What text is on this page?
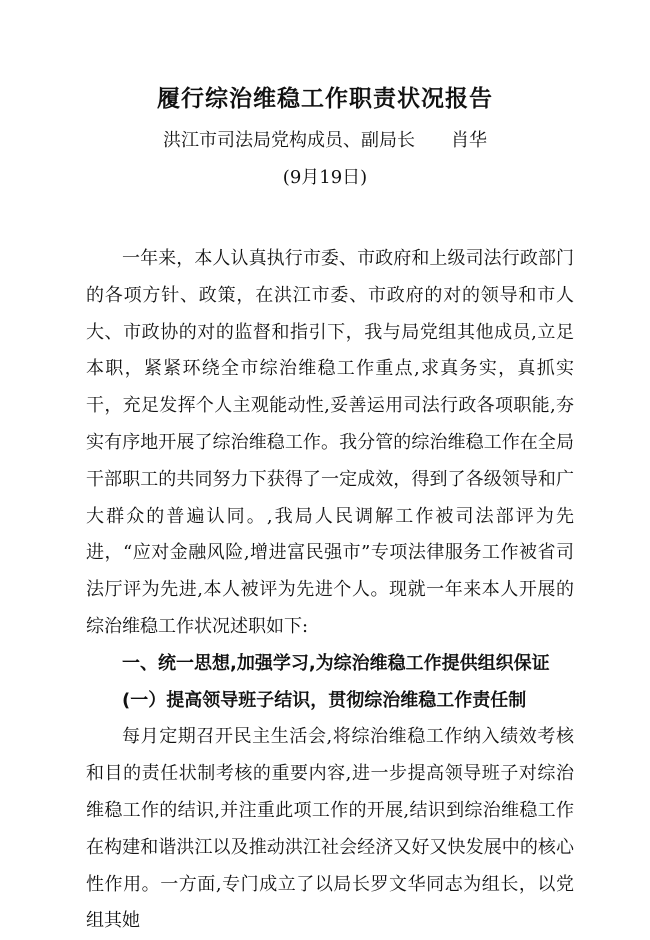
履行综治维稳工作职责状况报告

洪江市司法局党构成员、副局长 肖华

(9月19日)

一年来，本人认真执行市委、市政府和上级司法行政部门的各项方针、政策，在洪江市委、市政府的对的领导和市人大、市政协的对的监督和指引下，我与局党组其他成员,立足本职，紧紧环绕全市综治维稳工作重点,求真务实，真抓实干，充足发挥个人主观能动性,妥善运用司法行政各项职能,夯实有序地开展了综治维稳工作。我分管的综治维稳工作在全局干部职工的共同努力下获得了一定成效，得到了各级领导和广大群众的普遍认同。,我局人民调解工作被司法部评为先进，“应对金融风险,增进富民强市”专项法律服务工作被省司法厅评为先进,本人被评为先进个人。现就一年来本人开展的综治维稳工作状况述职如下:

一、统一思想,加强学习,为综治维稳工作提供组织保证

(一）提高领导班子结识，贯彻综治维稳工作责任制

每月定期召开民主生活会,将综治维稳工作纳入绩效考核和目的责任状制考核的重要内容,进一步提高领导班子对综治维稳工作的结识,并注重此项工作的开展,结识到综治维稳工作在构建和谐洪江以及推动洪江社会经济又好又快发展中的核心性作用。一方面,专门成立了以局长罗文华同志为组长，以党组其她
